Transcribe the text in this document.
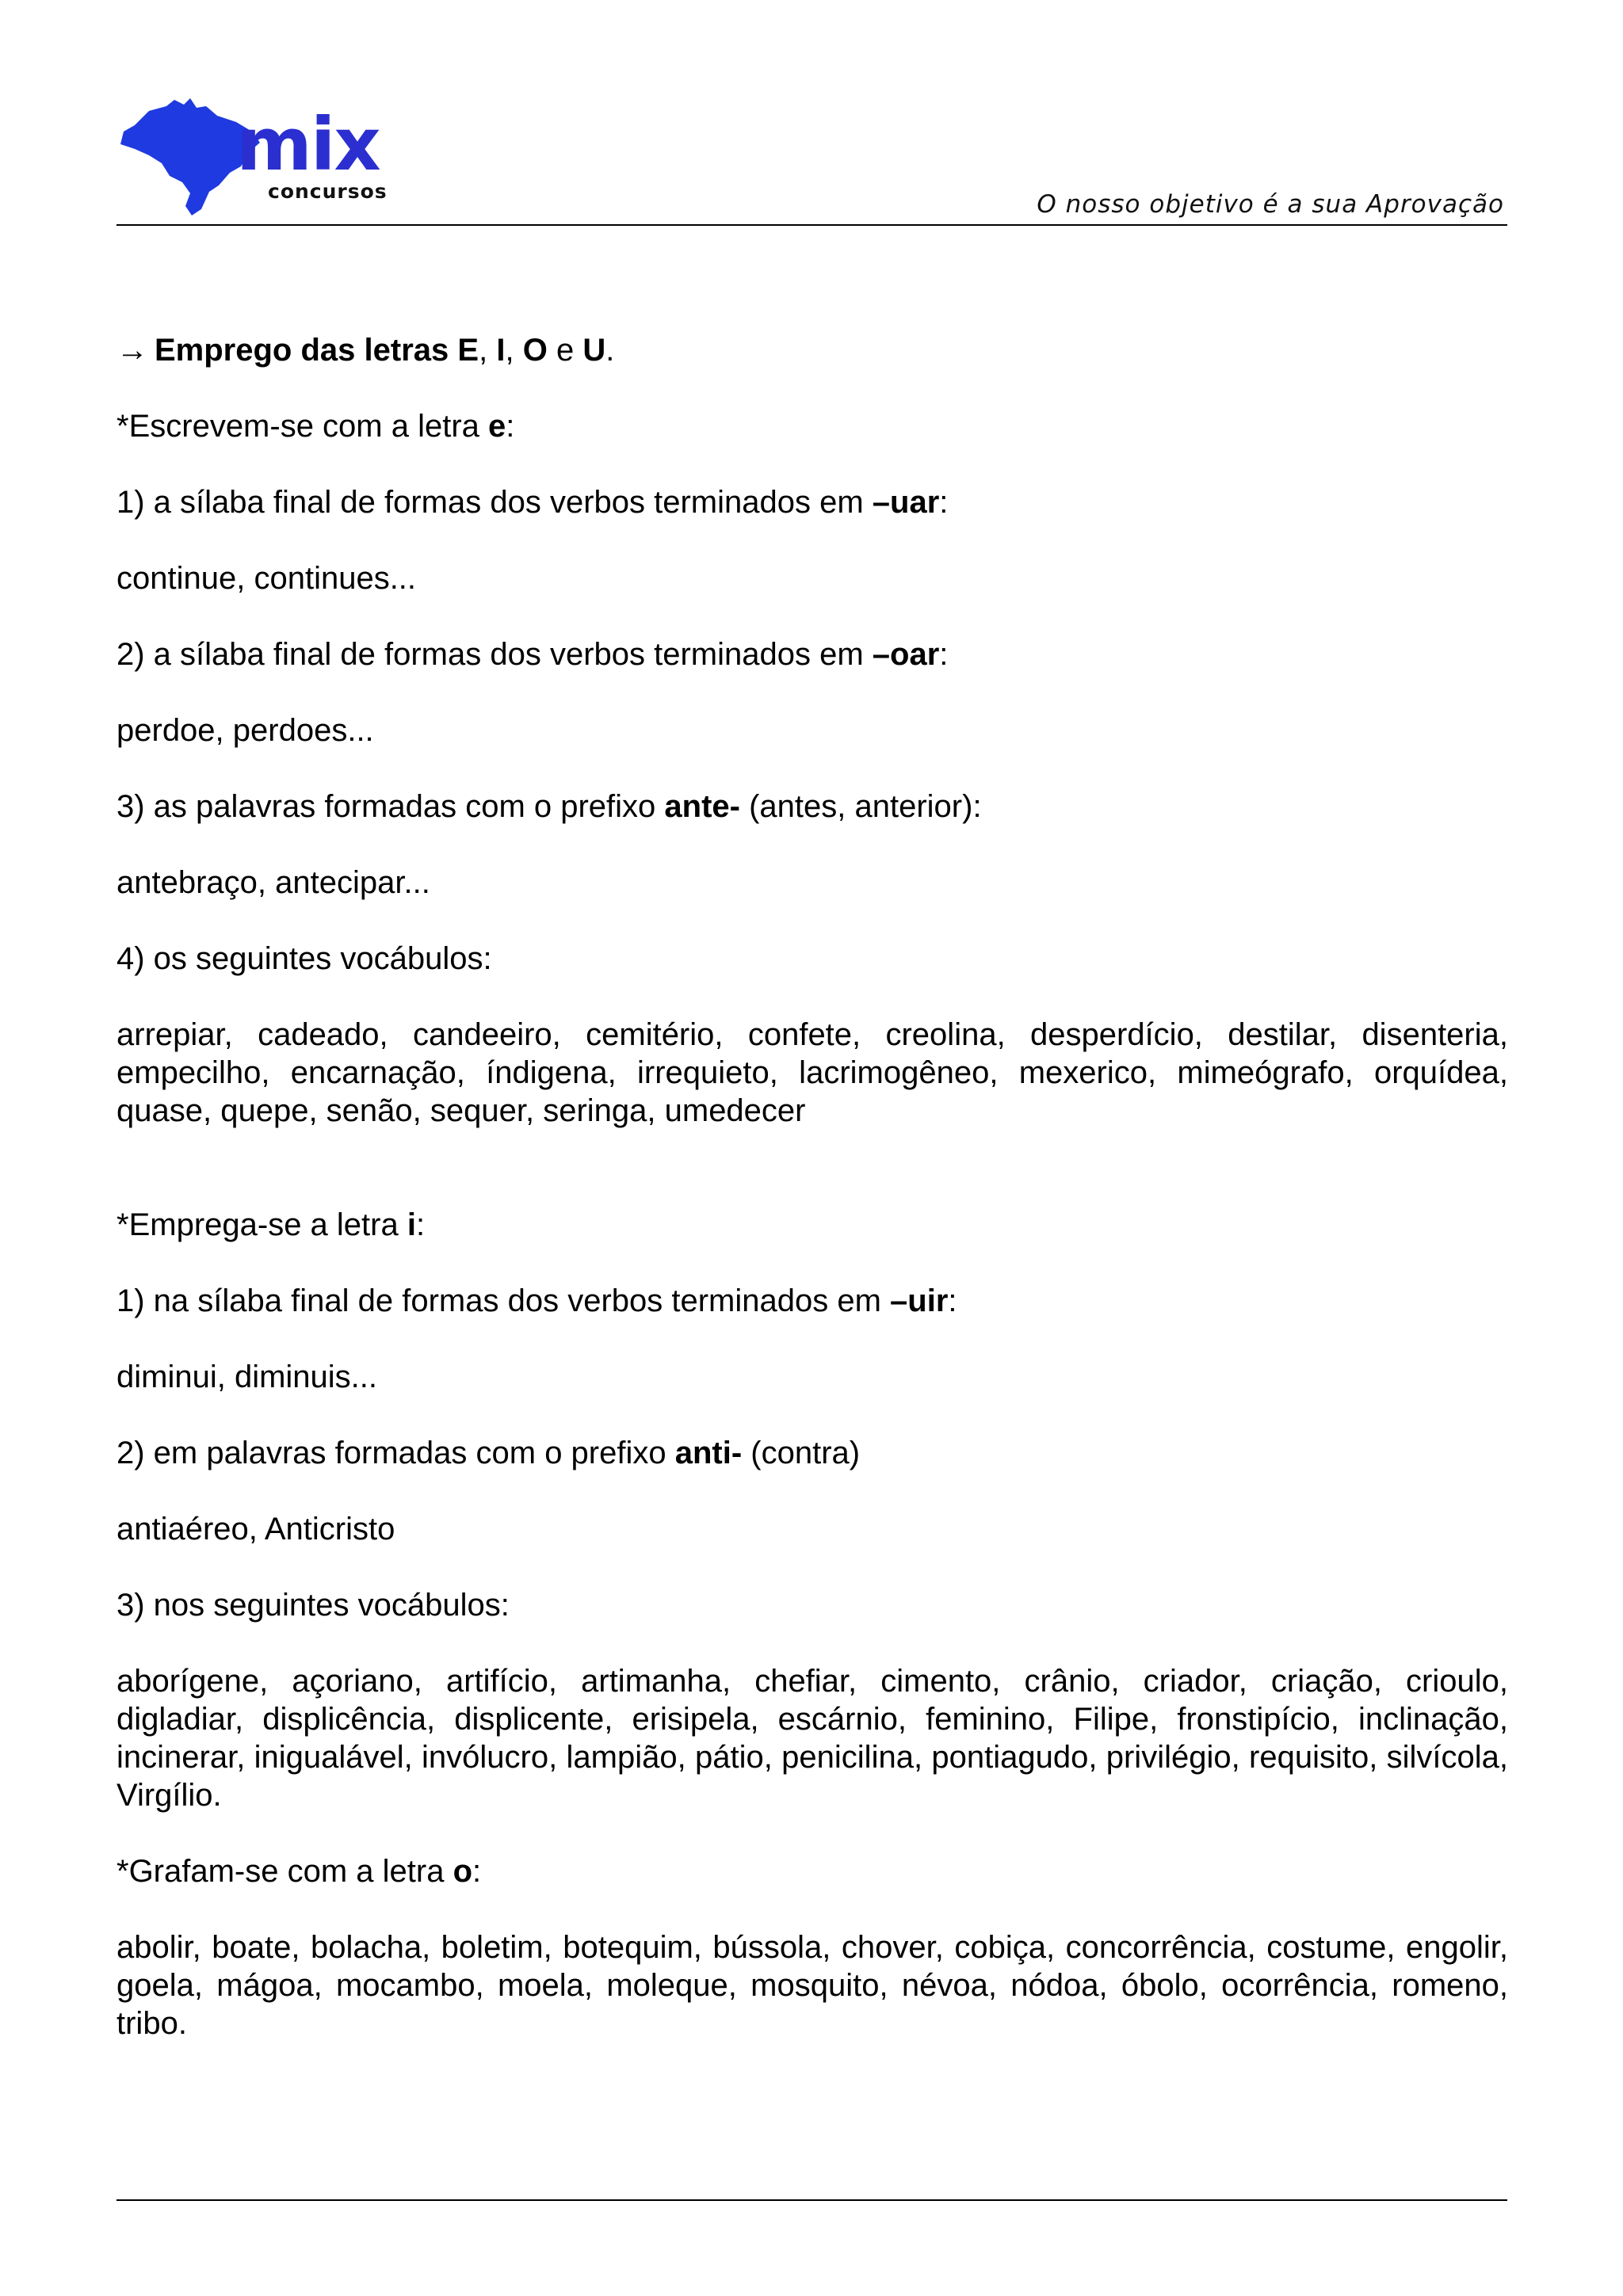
mix
concursos	O nosso objetivo é a sua Aprovação

→ Emprego das letras E, I, O e U.

*Escrevem-se com a letra e:

1) a sílaba final de formas dos verbos terminados em –uar:

continue, continues...

2) a sílaba final de formas dos verbos terminados em –oar:

perdoe, perdoes...

3) as palavras formadas com o prefixo ante- (antes, anterior):

antebraço, antecipar...

4) os seguintes vocábulos:

arrepiar, cadeado, candeeiro, cemitério, confete, creolina, desperdício, destilar, disenteria, empecilho, encarnação, índigena, irrequieto, lacrimogêneo, mexerico, mimeógrafo, orquídea, quase, quepe, senão, sequer, seringa, umedecer

*Emprega-se a letra i:

1) na sílaba final de formas dos verbos terminados em –uir:

diminui, diminuis...

2) em palavras formadas com o prefixo anti- (contra)

antiaéreo, Anticristo

3) nos seguintes vocábulos:

aborígene, açoriano, artifício, artimanha, chefiar, cimento, crânio, criador, criação, crioulo, digladiar, displicência, displicente, erisipela, escárnio, feminino, Filipe, fronstipício, inclinação, incinerar, inigualável, invólucro, lampião, pátio, penicilina, pontiagudo, privilégio, requisito, silvícola, Virgílio.

*Grafam-se com a letra o:

abolir, boate, bolacha, boletim, botequim, bússola, chover, cobiça, concorrência, costume, engolir, goela, mágoa, mocambo, moela, moleque, mosquito, névoa, nódoa, óbolo, ocorrência, romeno, tribo.
